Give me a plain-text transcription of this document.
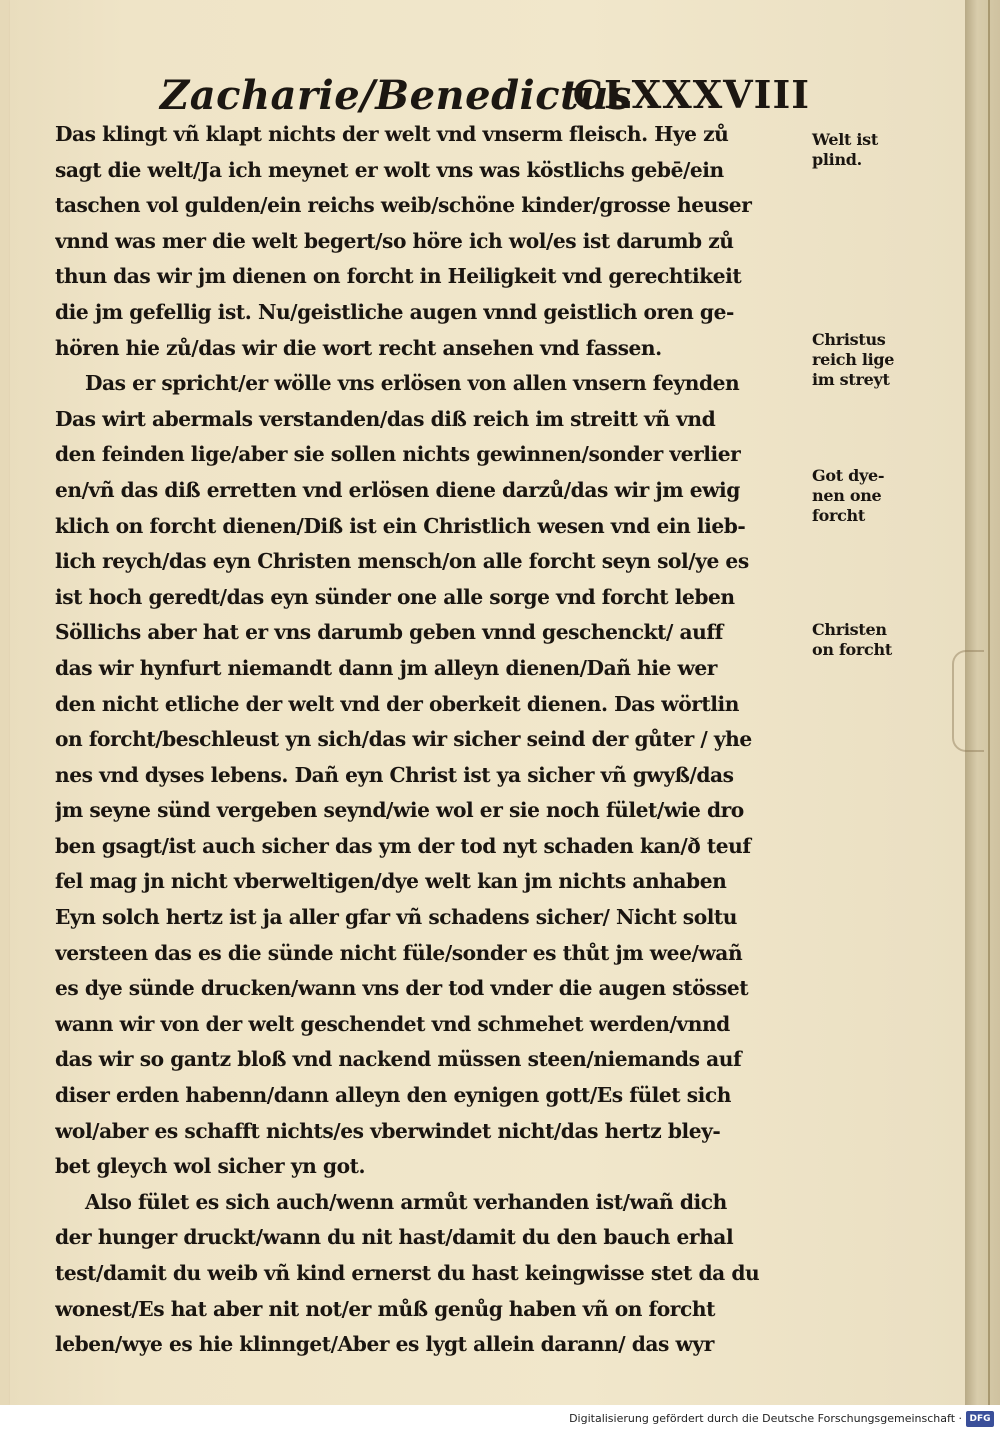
Zacharie/Benedictus
CLXXXVIII
Das klingt vñ klapt nichts der welt vnd vnserm fleisch. Hye zů
sagt die welt/Ja ich meynet er wolt vns was köstlichs gebē/ein
taschen vol gulden/ein reichs weib/schöne kinder/grosse heuser
vnnd was mer die welt begert/so höre ich wol/es ist darumb zů
thun das wir jm dienen on forcht in Heiligkeit vnd gerechtikeit
die jm gefellig ist. Nu/geistliche augen vnnd geistlich oren ge-
hören hie zů/das wir die wort recht ansehen vnd fassen.
Das er spricht/er wölle vns erlösen von allen vnsern feynden
Das wirt abermals verstanden/das diß reich im streitt vñ vnd
den feinden lige/aber sie sollen nichts gewinnen/sonder verlier
en/vñ das diß erretten vnd erlösen diene darzů/das wir jm ewig
klich on forcht dienen/Diß ist ein Christlich wesen vnd ein lieb-
lich reych/das eyn Christen mensch/on alle forcht seyn sol/ye es
ist hoch geredt/das eyn sünder one alle sorge vnd forcht leben
Söllichs aber hat er vns darumb geben vnnd geschenckt/ auff
das wir hynfurt niemandt dann jm alleyn dienen/Dañ hie wer
den nicht etliche der welt vnd der oberkeit dienen. Das wörtlin
on forcht/beschleust yn sich/das wir sicher seind der gůter / yhe
nes vnd dyses lebens. Dañ eyn Christ ist ya sicher vñ gwyß/das
jm seyne sünd vergeben seynd/wie wol er sie noch fület/wie dro
ben gsagt/ist auch sicher das ym der tod nyt schaden kan/ð teuf
fel mag jn nicht vberweltigen/dye welt kan jm nichts anhaben
Eyn solch hertz ist ja aller gfar vñ schadens sicher/ Nicht soltu
versteen das es die sünde nicht füle/sonder es thůt jm wee/wañ
es dye sünde drucken/wann vns der tod vnder die augen stösset
wann wir von der welt geschendet vnd schmehet werden/vnnd
das wir so gantz bloß vnd nackend müssen steen/niemands auf
diser erden habenn/dann alleyn den eynigen gott/Es fület sich
wol/aber es schafft nichts/es vberwindet nicht/das hertz bley-
bet gleych wol sicher yn got.
Also fület es sich auch/wenn armůt verhanden ist/wañ dich
der hunger druckt/wann du nit hast/damit du den bauch erhal
test/damit du weib vñ kind ernerst du hast keingwisse stet da du
wonest/Es hat aber nit not/er můß genůg haben vñ on forcht
leben/wye es hie klinnget/Aber es lygt allein darann/ das wyr
Welt ist
plind.
Christus
reich lige
im streyt
Got dye-
nen one
forcht
Christen
on forcht
Digitalisierung gefördert durch die Deutsche Forschungsgemeinschaft · DFG
